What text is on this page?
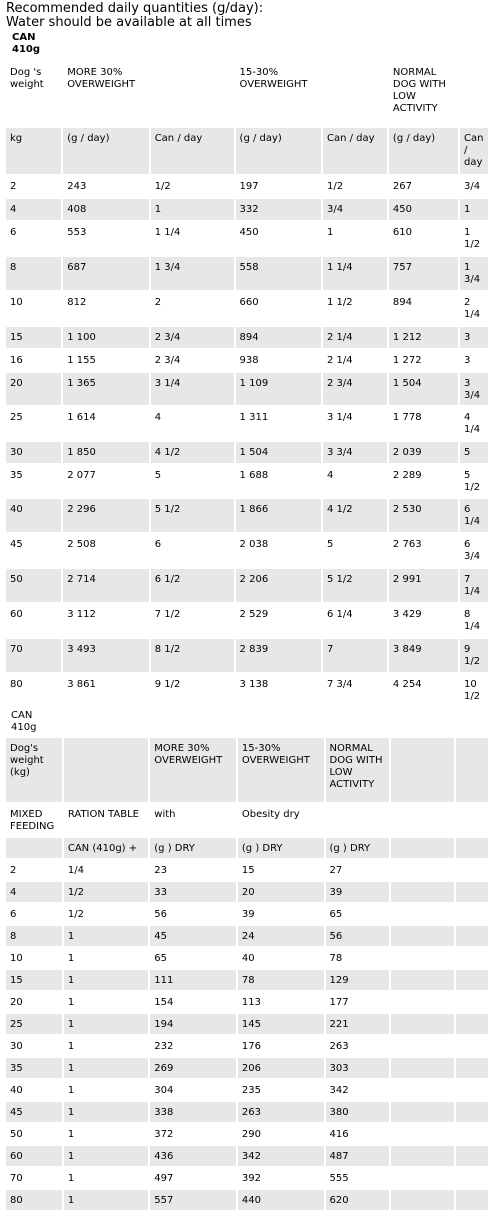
Recommended daily quantities (g/day):
Water should be available at all times
CAN
410g
Dog 's weight	MORE 30% OVERWEIGHT		15-30% OVERWEIGHT		NORMAL DOG WITH LOW ACTIVITY	
kg	(g / day)	Can / day	(g / day)	Can / day	(g / day)	Can / day
2	243	1/2	197	1/2	267	3/4
4	408	1	332	3/4	450	1
6	553	1 1/4	450	1	610	1 1/2
8	687	1 3/4	558	1 1/4	757	1 3/4
10	812	2	660	1 1/2	894	2 1/4
15	1 100	2 3/4	894	2 1/4	1 212	3
16	1 155	2 3/4	938	2 1/4	1 272	3
20	1 365	3 1/4	1 109	2 3/4	1 504	3 3/4
25	1 614	4	1 311	3 1/4	1 778	4 1/4
30	1 850	4 1/2	1 504	3 3/4	2 039	5
35	2 077	5	1 688	4	2 289	5 1/2
40	2 296	5 1/2	1 866	4 1/2	2 530	6 1/4
45	2 508	6	2 038	5	2 763	6 3/4
50	2 714	6 1/2	2 206	5 1/2	2 991	7 1/4
60	3 112	7 1/2	2 529	6 1/4	3 429	8 1/4
70	3 493	8 1/2	2 839	7	3 849	9 1/2
80	3 861	9 1/2	3 138	7 3/4	4 254	10 1/2
CAN
410g
Dog's weight (kg)		MORE 30% OVERWEIGHT	15-30% OVERWEIGHT	NORMAL DOG WITH LOW ACTIVITY		
MIXED FEEDING	RATION TABLE	with	Obesity dry			
	CAN (410g) +	(g ) DRY	(g ) DRY	(g ) DRY		
2	1/4	23	15	27		
4	1/2	33	20	39		
6	1/2	56	39	65		
8	1	45	24	56		
10	1	65	40	78		
15	1	111	78	129		
20	1	154	113	177		
25	1	194	145	221		
30	1	232	176	263		
35	1	269	206	303		
40	1	304	235	342		
45	1	338	263	380		
50	1	372	290	416		
60	1	436	342	487		
70	1	497	392	555		
80	1	557	440	620		
